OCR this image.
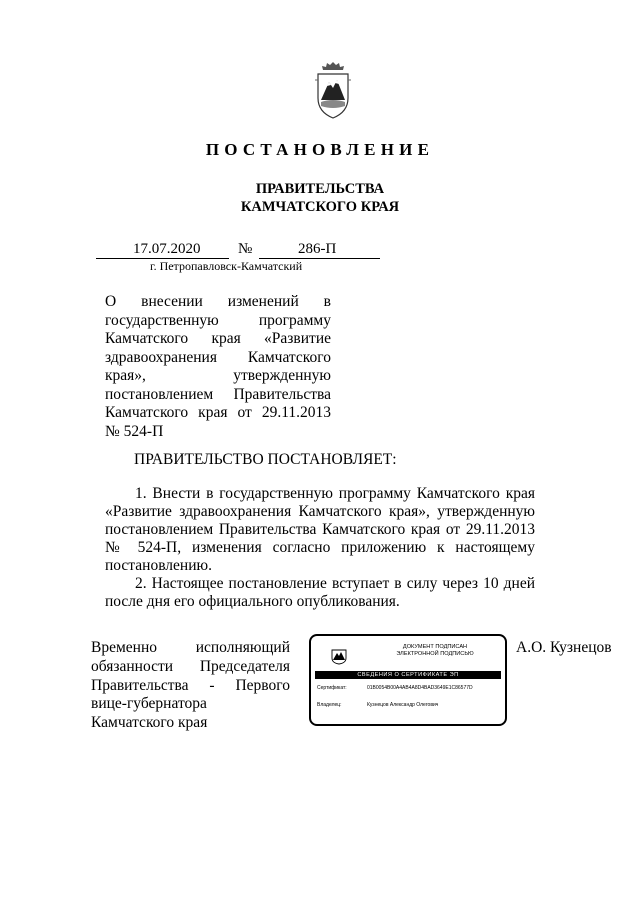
ПОСТАНОВЛЕНИЕ
ПРАВИТЕЛЬСТВА
КАМЧАТСКОГО КРАЯ
17.07.2020	№	286-П
г. Петропавловск-Камчатский
О внесении изменений в государственную программу Камчатского края «Развитие здравоохранения Камчатского края», утвержденную постановлением Правительства Камчатского края от 29.11.2013 № 524-П
ПРАВИТЕЛЬСТВО ПОСТАНОВЛЯЕТ:

1. Внести в государственную программу Камчатского края «Развитие здравоохранения Камчатского края», утвержденную постановлением Правительства Камчатского края от 29.11.2013 № 524-П, изменения согласно приложению к настоящему постановлению.

2. Настоящее постановление вступает в силу через 10 дней после дня его официального опубликования.

Временно исполняющий обязанности Председателя Правительства - Первого вице-губернатора Камчатского края
А.О. Кузнецов
ДОКУМЕНТ ПОДПИСАН
ЭЛЕКТРОННОЙ ПОДПИСЬЮ
СВЕДЕНИЯ О СЕРТИФИКАТЕ ЭП
Сертификат:	01B0054B00A4AB4A8D4BAD3649E1C86577D
Владелец:	Кузнецов Александр Олегович
